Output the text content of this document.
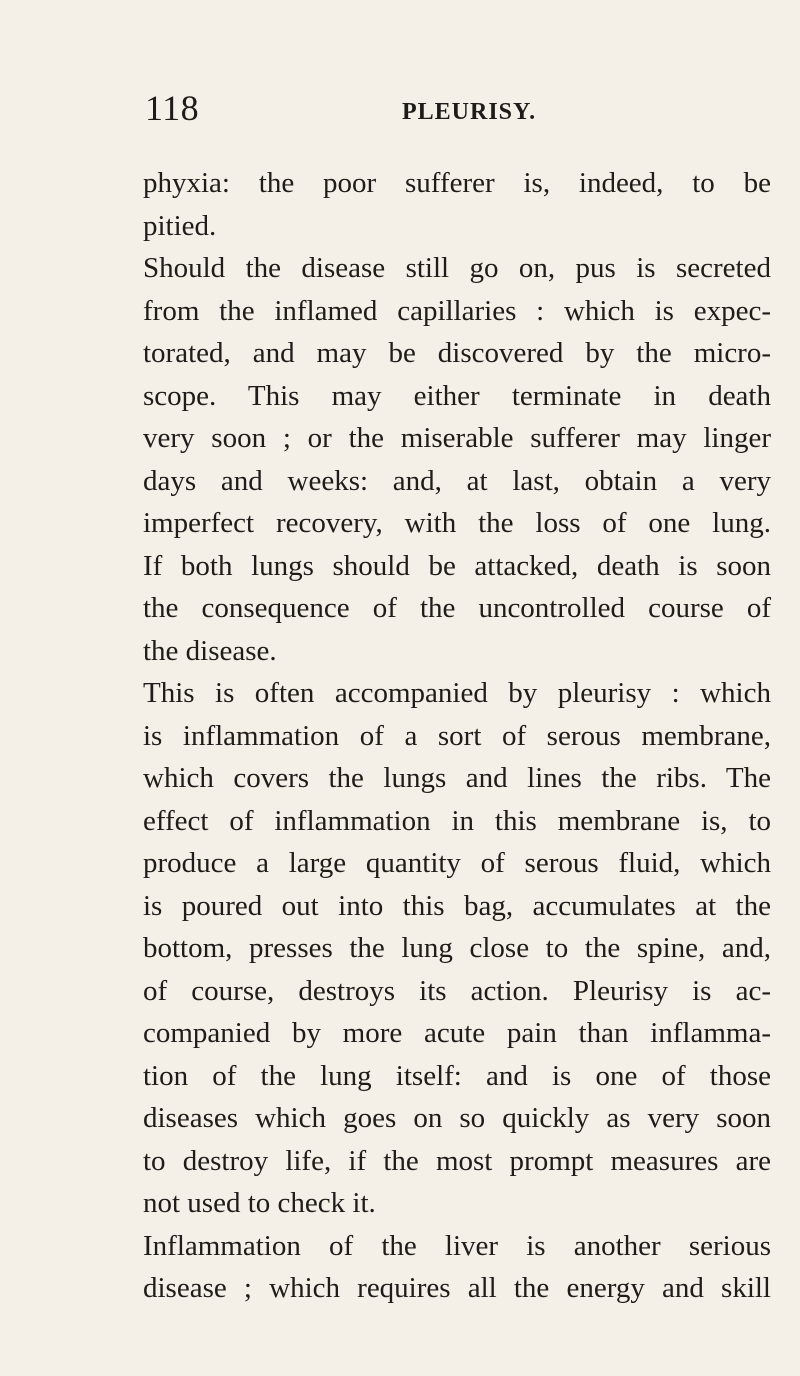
118	PLEURISY.
phyxia: the poor sufferer is, indeed, to be
pitied.
Should the disease still go on, pus is secreted
from the inflamed capillaries : which is expec-
torated, and may be discovered by the micro-
scope. This may either terminate in death
very soon ; or the miserable sufferer may linger
days and weeks: and, at last, obtain a very
imperfect recovery, with the loss of one lung.
If both lungs should be attacked, death is soon
the consequence of the uncontrolled course of
the disease.
This is often accompanied by pleurisy : which
is inflammation of a sort of serous membrane,
which covers the lungs and lines the ribs. The
effect of inflammation in this membrane is, to
produce a large quantity of serous fluid, which
is poured out into this bag, accumulates at the
bottom, presses the lung close to the spine, and,
of course, destroys its action. Pleurisy is ac-
companied by more acute pain than inflamma-
tion of the lung itself: and is one of those
diseases which goes on so quickly as very soon
to destroy life, if the most prompt measures are
not used to check it.
Inflammation of the liver is another serious
disease ; which requires all the energy and skill
